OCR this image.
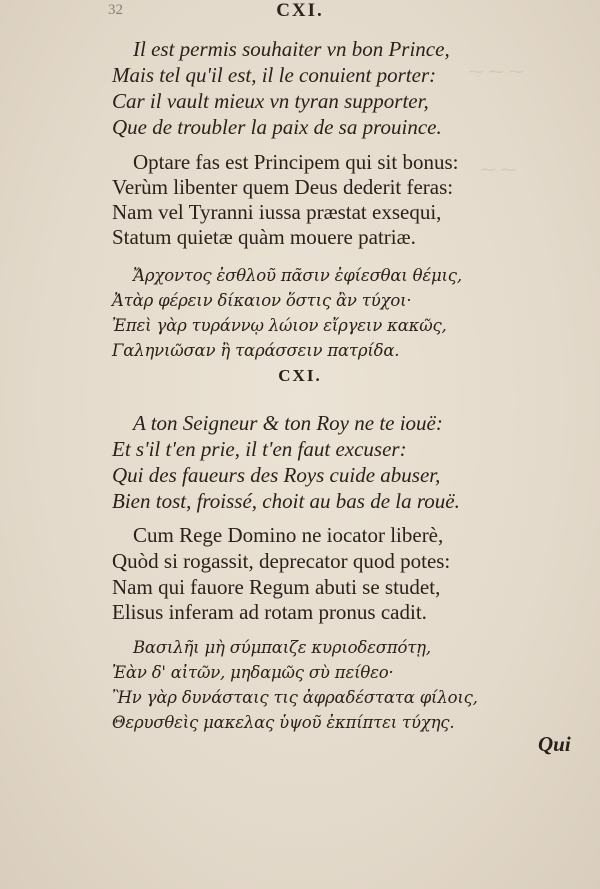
32	CXI.
⁓ ⁓ ⁓
⁓ ⁓
Il est permis souhaiter vn bon Prince,
Mais tel qu'il est, il le conuient porter:
Car il vault mieux vn tyran supporter,
Que de troubler la paix de sa prouince.
Optare fas est Principem qui sit bonus:
Verùm libenter quem Deus dederit feras:
Nam vel Tyranni iussa præstat exsequi,
Statum quietæ quàm mouere patriæ.
Ἄρχοντος ἐσθλοῦ πᾶσιν ἐφίεσθαι θέμις,
Ἀτὰρ φέρειν δίκαιον ὅστις ἂν τύχοι·
Ἐπεὶ γὰρ τυράννῳ λώιον εἴργειν κακῶς,
Γαληνιῶσαν ἢ ταράσσειν πατρίδα.
CXI.
A ton Seigneur & ton Roy ne te iouë:
Et s'il t'en prie, il t'en faut excuser:
Qui des faueurs des Roys cuide abuser,
Bien tost, froissé, choit au bas de la rouë.
Cum Rege Domino ne iocator liberè,
Quòd si rogassit, deprecator quod potes:
Nam qui fauore Regum abuti se studet,
Elisus inferam ad rotam pronus cadit.
Βασιλῆι μὴ σύμπαιζε κυριοδεσπότῃ,
Ἐὰν δ' αἰτῶν, μηδαμῶς σὺ πείθεο·
Ἢν γὰρ δυνάσταις τις ἀφραδέστατα φίλοις,
Θερυσθεὶς μακελας ὑψοῦ ἐκπίπτει τύχης.
Qui
